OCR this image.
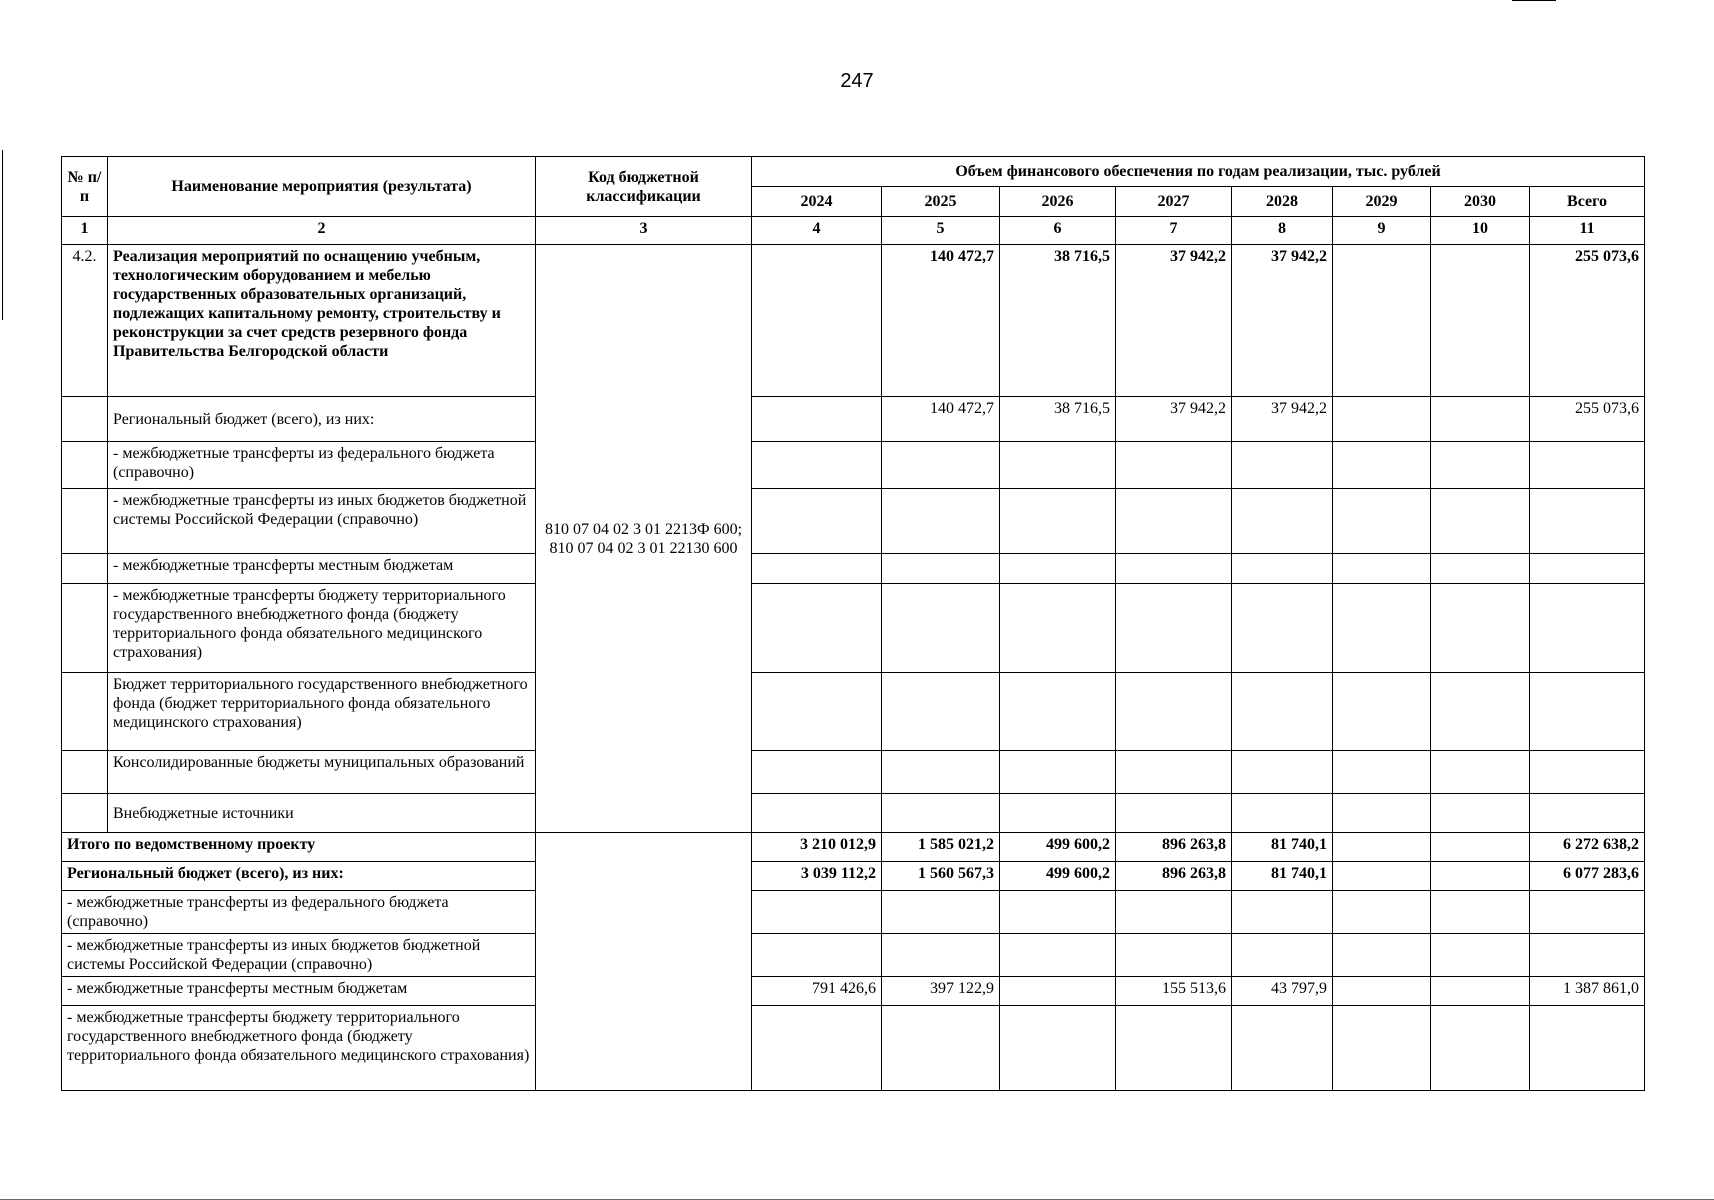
247
№ п/п	Наименование мероприятия (результата)	Код бюджетной классификации	Объем финансового обеспечения по годам реализации, тыс. рублей							
			2024	2025	2026	2027	2028	2029	2030	Всего
1	2	3	4	5	6	7	8	9	10	11
4.2.	Реализация мероприятий по оснащению учебным, технологическим оборудованием и мебелью государственных образовательных организаций, подлежащих капитальному ремонту, строительству и реконструкции за счет средств резервного фонда Правительства Белгородской области	810 07 04 02 3 01 2213Ф 600; 810 07 04 02 3 01 22130 600		140 472,7	38 716,5	37 942,2	37 942,2			255 073,6
	Региональный бюджет (всего), из них:			140 472,7	38 716,5	37 942,2	37 942,2			255 073,6
	- межбюджетные трансферты из федерального бюджета (справочно)									
	- межбюджетные трансферты из иных бюджетов бюджетной системы Российской Федерации (справочно)									
	- межбюджетные трансферты местным бюджетам									
	- межбюджетные трансферты бюджету территориального государственного внебюджетного фонда (бюджету территориального фонда обязательного медицинского страхования)									
	Бюджет территориального государственного внебюджетного фонда (бюджет территориального фонда обязательного медицинского страхования)									
	Консолидированные бюджеты муниципальных образований									
	Внебюджетные источники									
Итого по ведомственному проекту			3 210 012,9	1 585 021,2	499 600,2	896 263,8	81 740,1			6 272 638,2
Региональный бюджет (всего), из них:			3 039 112,2	1 560 567,3	499 600,2	896 263,8	81 740,1			6 077 283,6
- межбюджетные трансферты из федерального бюджета (справочно)										
- межбюджетные трансферты из иных бюджетов бюджетной системы Российской Федерации (справочно)										
- межбюджетные трансферты местным бюджетам			791 426,6	397 122,9		155 513,6	43 797,9			1 387 861,0
- межбюджетные трансферты бюджету территориального государственного внебюджетного фонда (бюджету территориального фонда обязательного медицинского страхования)										
